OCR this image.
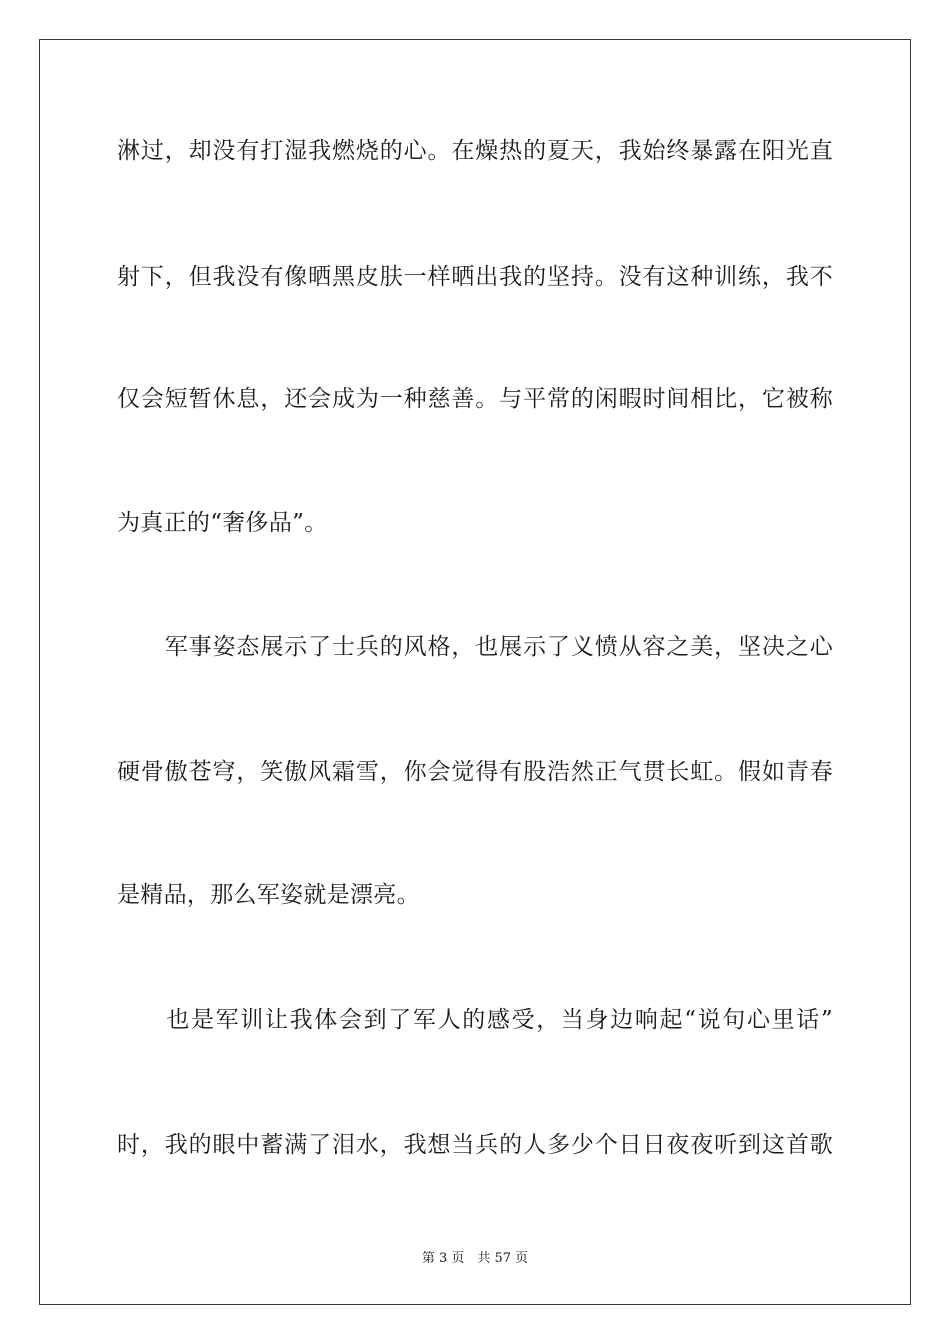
淋过，却没有打湿我燃烧的心。在燥热的夏天，我始终暴露在阳光直
射下，但我没有像晒黑皮肤一样晒出我的坚持。没有这种训练，我不
仅会短暂休息，还会成为一种慈善。与平常的闲暇时间相比，它被称
为真正的“奢侈品”。
　　军事姿态展示了士兵的风格，也展示了义愤从容之美，坚决之心
硬骨傲苍穹，笑傲风霜雪，你会觉得有股浩然正气贯长虹。假如青春
是精品，那么军姿就是漂亮。
　　也是军训让我体会到了军人的感受，当身边响起“说句心里话”
时，我的眼中蓄满了泪水，我想当兵的人多少个日日夜夜听到这首歌
第 3 页　共 57 页
